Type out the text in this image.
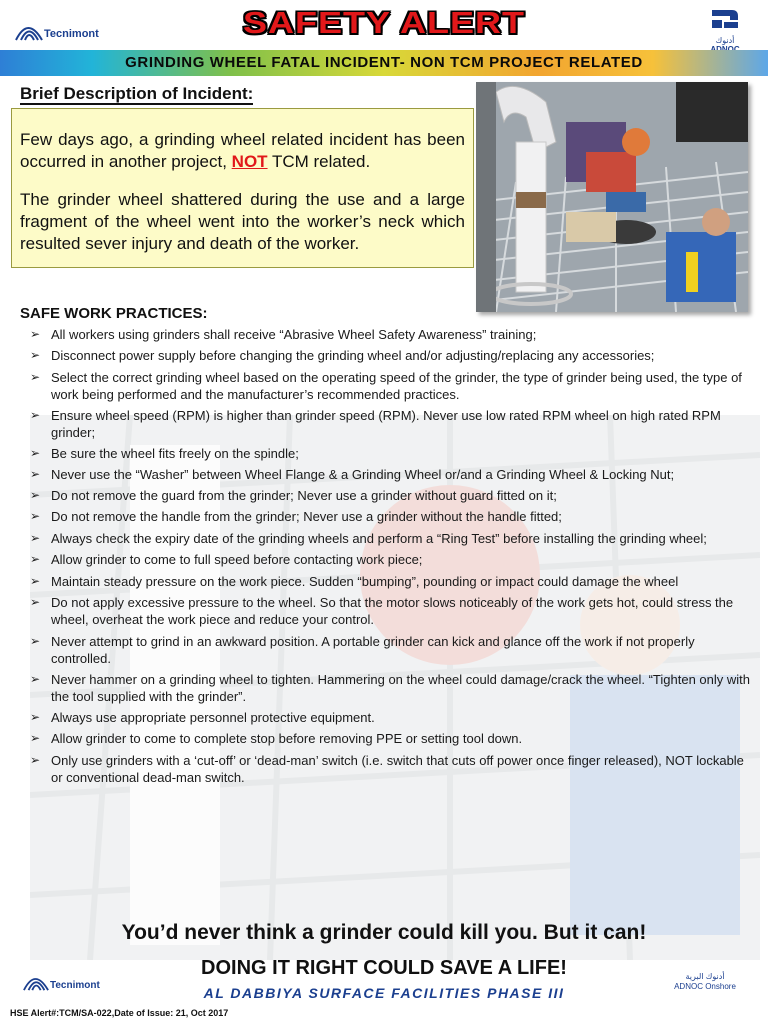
Tecnimont	SAFETY ALERT
أدنوك
GRINDING WHEEL FATAL INCIDENT- NON TCM PROJECT RELATED
Brief Description of Incident:

Few days ago, a grinding wheel related incident has been occurred in another project, NOT TCM related.

The grinder wheel shattered during the use and a large fragment of the wheel went into the worker’s neck which resulted sever injury and death of the worker.

SAFE WORK PRACTICES:
➢ All workers using grinders shall receive “Abrasive Wheel Safety Awareness” training;
➢ Disconnect power supply before changing the grinding wheel and/or adjusting/replacing any accessories;
➢ Select the correct grinding wheel based on the operating speed of the grinder, the type of grinder being used, the type of work being performed and the manufacturer’s recommended practices.
➢ Ensure wheel speed (RPM) is higher than grinder speed (RPM). Never use low rated RPM wheel on high rated RPM grinder;
➢ Be sure the wheel fits freely on the spindle;
➢ Never use the “Washer” between Wheel Flange & a Grinding Wheel or/and a Grinding Wheel & Locking Nut;
➢ Do not remove the guard from the grinder; Never use a grinder without guard fitted on it;
➢ Do not remove the handle from the grinder; Never use a grinder without the handle fitted;
➢ Always check the expiry date of the grinding wheels and perform a “Ring Test” before installing the grinding wheel;
➢ Allow grinder to come to full speed before contacting work piece;
➢ Maintain steady pressure on the work piece. Sudden “bumping”, pounding or impact could damage the wheel
➢ Do not apply excessive pressure to the wheel. So that the motor slows noticeably of the work gets hot, could stress the wheel, overheat the work piece and reduce your control.
➢ Never attempt to grind in an awkward position. A portable grinder can kick and glance off the work if not properly controlled.
➢ Never hammer on a grinding wheel to tighten. Hammering on the wheel could damage/crack the wheel. “Tighten only with the tool supplied with the grinder”.
➢ Always use appropriate personnel protective equipment.
➢ Allow grinder to come to complete stop before removing PPE or setting tool down.
➢ Only use grinders with a ‘cut-off’ or ‘dead-man’ switch (i.e. switch that cuts off power once finger released), NOT lockable or conventional dead-man switch.
You’d never think a grinder could kill you. But it can!
Tecnimont
DOING IT RIGHT COULD SAVE A LIFE!
AL DABBIYA SURFACE FACILITIES PHASE III
أدنوك البرية
ADNOC Onshore
HSE Alert#:TCM/SA-022,Date of Issue: 21, Oct 2017
